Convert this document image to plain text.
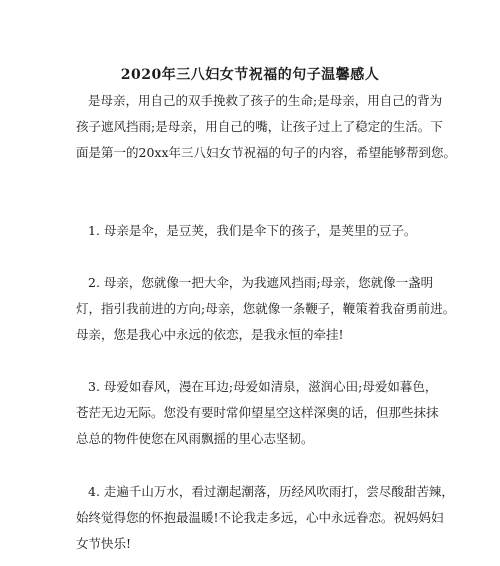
2020年三八妇女节祝福的句子温馨感人
是母亲，用自己的双手挽救了孩子的生命;是母亲，用自己的背为
孩子遮风挡雨;是母亲，用自己的嘴，让孩子过上了稳定的生活。下
面是第一的20xx年三八妇女节祝福的句子的内容，希望能够帮到您。
1. 母亲是伞，是豆荚，我们是伞下的孩子，是荚里的豆子。
2. 母亲，您就像一把大伞，为我遮风挡雨;母亲，您就像一盏明
灯，指引我前进的方向;母亲，您就像一条鞭子，鞭策着我奋勇前进。
母亲，您是我心中永远的依恋，是我永恒的牵挂!
3. 母爱如春风，漫在耳边;母爱如清泉，滋润心田;母爱如暮色，
苍茫无边无际。您没有要时常仰望星空这样深奥的话，但那些抹抹
总总的物件使您在风雨飘摇的里心志坚韧。
4. 走遍千山万水，看过潮起潮落，历经风吹雨打，尝尽酸甜苦辣，
始终觉得您的怀抱最温暖!不论我走多远，心中永远眷恋。祝妈妈妇
女节快乐!
